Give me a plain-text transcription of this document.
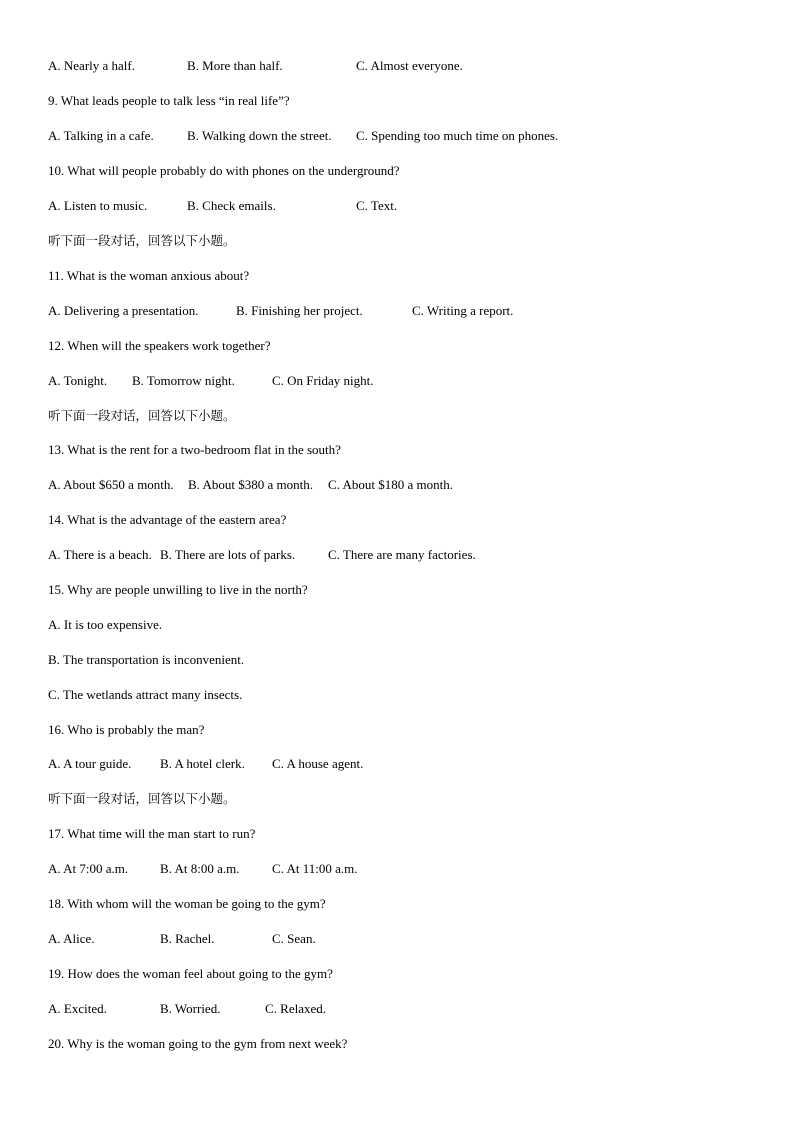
A. Nearly a half.	B. More than half.	C. Almost everyone.
9. What leads people to talk less “in real life”?
A. Talking in a cafe.	B. Walking down the street. C. Spending too much time on phones.
10. What will people probably do with phones on the underground?
A. Listen to music.	B. Check emails.	C. Text.
听下面一段对话，回答以下小题。
11. What is the woman anxious about?
A. Delivering a presentation.	B. Finishing her project.	C. Writing a report.
12. When will the speakers work together?
A. Tonight. B. Tomorrow night.	C. On Friday night.
听下面一段对话，回答以下小题。
13. What is the rent for a two-bedroom flat in the south?
A. About $650 a month. B. About $380 a month. C. About $180 a month.
14. What is the advantage of the eastern area?
A. There is a beach. B. There are lots of parks.	C. There are many factories.
15. Why are people unwilling to live in the north?
A. It is too expensive.
B. The transportation is inconvenient.
C. The wetlands attract many insects.
16. Who is probably the man?
A. A tour guide. B. A hotel clerk. C. A house agent.
听下面一段对话，回答以下小题。
17. What time will the man start to run?
A. At 7:00 a.m. B. At 8:00 a.m.	C. At 11:00 a.m.
18. With whom will the woman be going to the gym?
A. Alice.	B. Rachel.	C. Sean.
19. How does the woman feel about going to the gym?
A. Excited.	B. Worried.	C. Relaxed.
20. Why is the woman going to the gym from next week?
